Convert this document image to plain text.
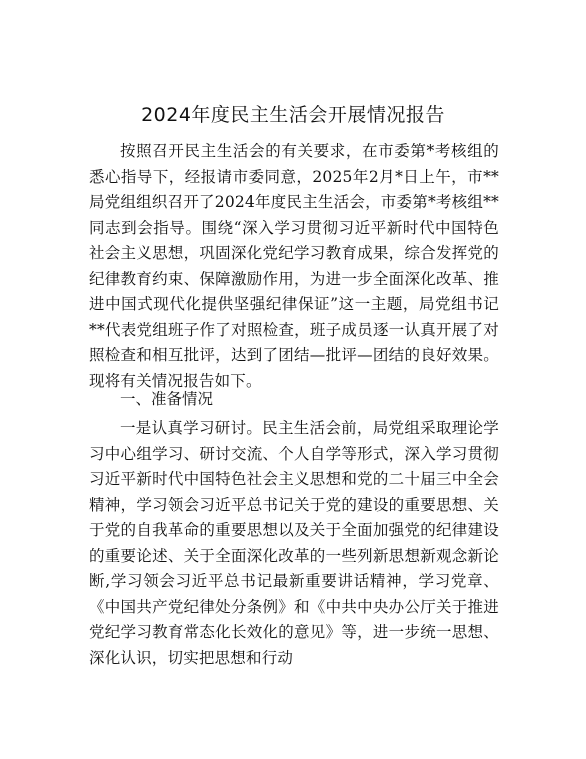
2024年度民主生活会开展情况报告

按照召开民主生活会的有关要求，在市委第*考核组的悉心指导下，经报请市委同意，2025年2月*日上午，市**局党组组织召开了2024年度民主生活会，市委第*考核组**同志到会指导。围绕“深入学习贯彻习近平新时代中国特色社会主义思想，巩固深化党纪学习教育成果，综合发挥党的纪律教育约束、保障激励作用，为进一步全面深化改革、推进中国式现代化提供坚强纪律保证”这一主题，局党组书记**代表党组班子作了对照检查，班子成员逐一认真开展了对照检查和相互批评，达到了团结—批评—团结的良好效果。现将有关情况报告如下。

一、准备情况

一是认真学习研讨。民主生活会前，局党组采取理论学习中心组学习、研讨交流、个人自学等形式，深入学习贯彻习近平新时代中国特色社会主义思想和党的二十届三中全会精神，学习领会习近平总书记关于党的建设的重要思想、关于党的自我革命的重要思想以及关于全面加强党的纪律建设的重要论述、关于全面深化改革的一些列新思想新观念新论断,学习领会习近平总书记最新重要讲话精神，学习党章、《中国共产党纪律处分条例》和《中共中央办公厅关于推进党纪学习教育常态化长效化的意见》等，进一步统一思想、深化认识，切实把思想和行动
